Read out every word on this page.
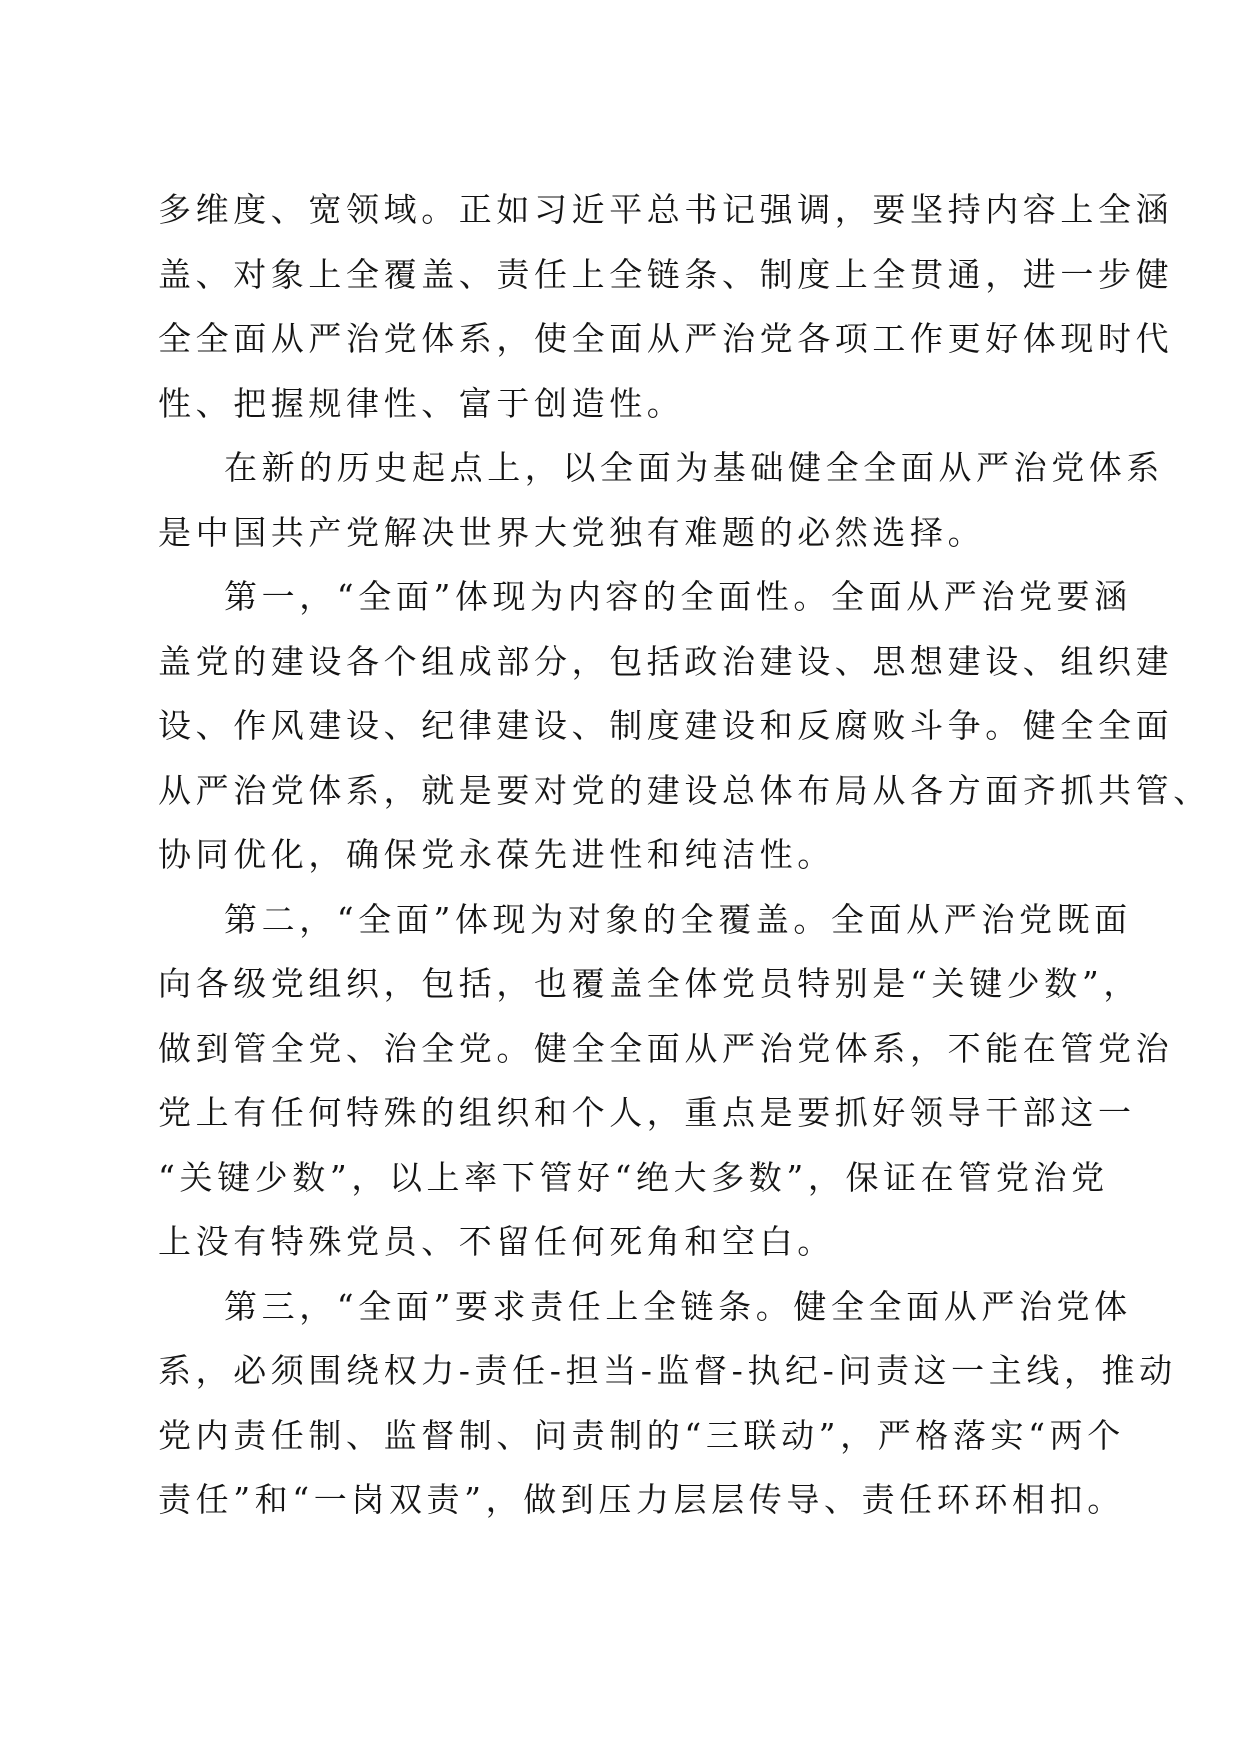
多维度、宽领域。正如习近平总书记强调，要坚持内容上全涵
盖、对象上全覆盖、责任上全链条、制度上全贯通，进一步健
全全面从严治党体系，使全面从严治党各项工作更好体现时代
性、把握规律性、富于创造性。
在新的历史起点上，以全面为基础健全全面从严治党体系
是中国共产党解决世界大党独有难题的必然选择。
第一，“全面”体现为内容的全面性。全面从严治党要涵
盖党的建设各个组成部分，包括政治建设、思想建设、组织建
设、作风建设、纪律建设、制度建设和反腐败斗争。健全全面
从严治党体系，就是要对党的建设总体布局从各方面齐抓共管、
协同优化，确保党永葆先进性和纯洁性。
第二，“全面”体现为对象的全覆盖。全面从严治党既面
向各级党组织，包括，也覆盖全体党员特别是“关键少数”，
做到管全党、治全党。健全全面从严治党体系，不能在管党治
党上有任何特殊的组织和个人，重点是要抓好领导干部这一
“关键少数”，以上率下管好“绝大多数”，保证在管党治党
上没有特殊党员、不留任何死角和空白。
第三，“全面”要求责任上全链条。健全全面从严治党体
系，必须围绕权力-责任-担当-监督-执纪-问责这一主线，推动
党内责任制、监督制、问责制的“三联动”，严格落实“两个
责任”和“一岗双责”，做到压力层层传导、责任环环相扣。
